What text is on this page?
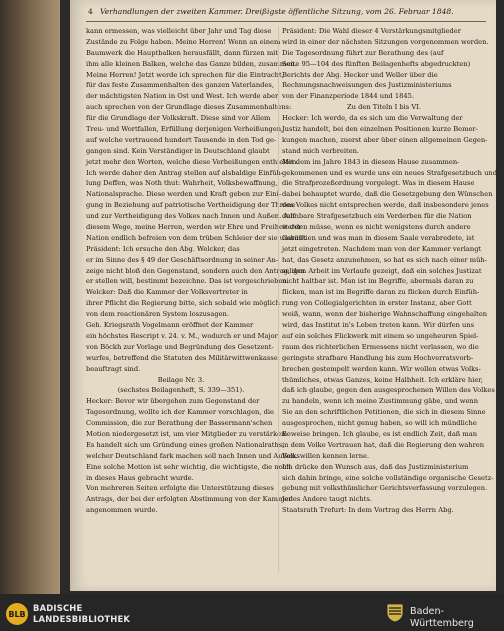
4 Verhandlungen der zweiten Kammer. Dreißigste öffentliche Sitzung, vom 26. Februar 1848.
kann ermessen, was vielleicht über Jahr und Tag diese
Zustände zu Folge haben. Meine Herren! Wenn an einem
Baumwerk die Hauptbalken herausfällt, dann fürzen mit
ihm alle kleinen Balken, welche das Ganze bilden, zusammen.
Meine Herren! Jetzt werde ich sprechen für die Eintracht,
für das feste Zusammenhalten des ganzen Vaterlandes,
der mächtigsten Nation in Ost und West. Ich werde aber
auch sprechen von der Grundlage dieses Zusammenhaltens:
für die Grundlage der Volkskraft. Diese sind vor Allem
Treu- und Wortfallen, Erfüllung derjenigen Verheißungen,
auf welche vertrauend hundert Tausende in den Tod ge-
gangen sind. Kein Verständiger in Deutschland glaubt
jetzt mehr den Worten, welche diese Verheißungen enthielten.
Ich werde daher den Antrag stellen auf alsbaldige Einfüh-
lung Deffen, was Noth thut: Wahrheit, Volksbewaffnung,
Nationalsprache. Diese werden und Kraft geben zur Eini-
gung in Beziehung auf patriotische Vertheidigung der Throne
und zur Vertheidigung des Volkes nach Innen und Außen. Auf
diesem Wege, meine Herren, werden wir Ehre und Freiheit der
Nation endlich befreien von dem trüben Schleier der sie umhüllt.
Präsident: Ich ersuche den Abg. Welcker, das
er im Sinne des § 49 der Geschäftsordnung in seiner An-
zeige nicht bloß den Gegenstand, sondern auch den Antrag, den
er stellen will, bestimmt bezeichne. Das ist vorgeschrieben.
Welcker: Daß die Kammer der Volksvertreter in
ihrer Pflicht die Regierung bitte, sich sobald wie möglich
von dem reactionären System loszusagen.
Geh. Kriegsrath Vogelmann eröffnet der Kammer
ein höchstes Rescript v. 24. v. M., wodurch er und Major
von Böckh zur Vorlage und Begründung des Gesetzent-
wurfes, betreffend die Statuten des Militärwittwenkasse,
beauftragt sind.
Beilage Nr. 3.
(sechstes Beilagenheft, S. 339—351).
Hecker: Bevor wir übergehen zum Gegenstand der
Tagesordnung, wollte ich der Kammer vorschlagen, die
Commission, die zur Berathung der Bassermann'schen
Motion niedergesetzt ist, um vier Mitglieder zu verstärken.
Es handelt sich um Gründung eines großen Nationalraths,
welcher Deutschland fark machen soll nach Innen und Außen.
Eine solche Motion ist sehr wichtig, die wichtigste, die noch
in dieses Haus gebracht wurde.
Von mehreren Seiten erfolgte die Unterstützung dieses
Antrags, der bei der erfolgten Abstimmung von der Kammer
angenommen wurde.
Präsident: Die Wahl dieser 4 Verstärkungsmitglieder
wird in einer der nächsten Sitzungen vorgenommen werden.
Die Tagesordnung führt zur Berathung des (auf
Seite 95—104 des fünften Beilagenhefts abgedruckten)
Berichts der Abg. Hecker und Weller über die
Rechnungsnachweisungen des Justizministeriums
von der Finanzperiode 1844 und 1845.
Zu den Titeln I bis VI.
Hecker: Ich werde, da es sich um die Verwaltung der
Justiz handelt, bei den einzelnen Positionen kurze Bemer-
kungen machen, zuerst aber über einen allgemeinen Gegen-
stand mich verbreiten.
Mit dem im Jahre 1843 in diesem Hause zusammen-
gekommenen und es wurde uns ein neues Strafgesetzbuch und
die Strafprozeßordnung vorgelegt. Was in diesem Hause
dabei behauptet wurde, daß die Gesetzgebung den Wünschen
des Volkes nicht entsprechen werde, daß insbesondere jenes
dehnbare Strafgesetzbuch ein Verderben für die Nation
werden müsse, wenn es nicht wenigstens durch andere
Garantien und was man in diesem Saale verabredete, ist
jetzt eingetreten. Nachdem man von der Kammer verlangt
hat, das Gesetz anzunehmen, so hat es sich nach einer müh-
seligen Arbeit im Verlaufe gezeigt, daß ein solches Justizat
nicht haltbar ist. Man ist im Begriffe, abermals daran zu
flicken, man ist im Begriffe daran zu flicken durch Einfüh-
rung von Collegialgerichten in erster Instanz, aber Gott
weiß, wann, wenn der bisherige Wahnschaffung eingehalten
wird, das Institut in's Leben treten kann. Wir dürfen uns
auf ein solches Flickwerk mit einem so ungeheuren Spiel-
raum des richterlichen Ermessens nicht verlassen, wo die
geringste strafbare Handlung bis zum Hochverratsvorb-
brechen gestempelt werden kann. Wir wollen etwas Volks-
thümliches, etwas Ganzes, keine Halbheit. Ich erkläre hier,
daß ich glaube, gegen den ausgesprochenen Willen des Volkes
zu handeln, wenn ich meine Zustimmung gäbe, und wenn
Sie an den schriftlichen Petitionen, die sich in diesem Sinne
ausgesprochen, nicht genug haben, so will ich mündliche
Beweise bringen. Ich glaube, es ist endlich Zeit, daß man
in dem Volke Vertrauen hat, daß die Regierung den wahren
Volkswillen kennen lerne.
Ich drücke den Wunsch aus, daß das Justizministerium
sich dahin bringe, eine solche vollständige organische Gesetz-
gebung mit volksthümlicher Gerichtsverfassung vorzulegen.
Jedes Andere taugt nichts.
Staatsrath Trefurt: In dem Vortrag des Herrn Abg.
BLB
BADISCHE
LANDESBIBLIOTHEK
Baden-Württemberg
